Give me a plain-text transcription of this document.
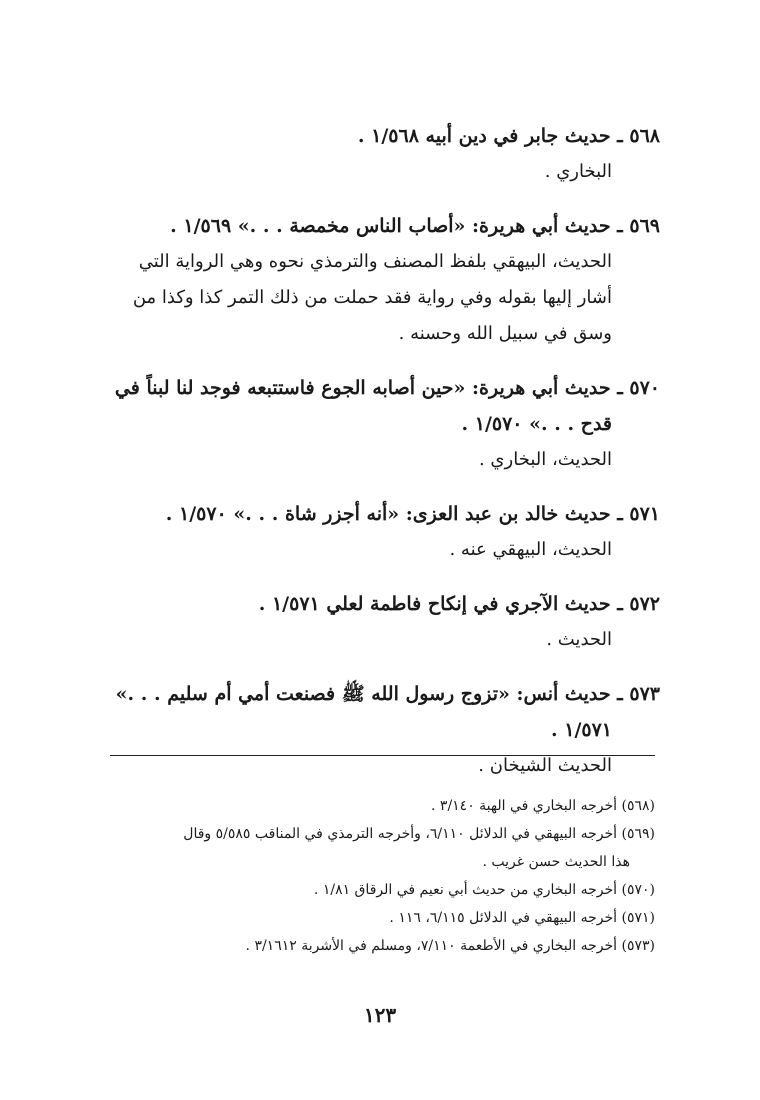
٥٦٨ ـ حديث جابر في دين أبيه ١/٥٦٨ .
البخاري .
٥٦٩ ـ حديث أبي هريرة: «أصاب الناس مخمصة . . .» ١/٥٦٩ .
الحديث، البيهقي بلفظ المصنف والترمذي نحوه وهي الرواية التي
أشار إليها بقوله وفي رواية فقد حملت من ذلك التمر كذا وكذا من
وسق في سبيل الله وحسنه .
٥٧٠ ـ حديث أبي هريرة: «حين أصابه الجوع فاستتبعه فوجد لنا لبناً في
قدح . . .» ١/٥٧٠ .
الحديث، البخاري .
٥٧١ ـ حديث خالد بن عبد العزى: «أنه أجزر شاة . . .» ١/٥٧٠ .
الحديث، البيهقي عنه .
٥٧٢ ـ حديث الآجري في إنكاح فاطمة لعلي ١/٥٧١ .
الحديث .
٥٧٣ ـ حديث أنس: «تزوج رسول الله ﷺ فصنعت أمي أم سليم . . .»
١/٥٧١ .
الحديث الشيخان .
(٥٦٨) أخرجه البخاري في الهبة ٣/١٤٠ .
(٥٦٩) أخرجه البيهقي في الدلائل ٦/١١٠، وأخرجه الترمذي في المناقب ٥/٥٨٥ وقال
هذا الحديث حسن غريب .
(٥٧٠) أخرجه البخاري من حديث أبي نعيم في الرقاق ١/٨١ .
(٥٧١) أخرجه البيهقي في الدلائل ٦/١١٥، ١١٦ .
(٥٧٣) أخرجه البخاري في الأطعمة ٧/١١٠، ومسلم في الأشربة ٣/١٦١٢ .
١٢٣
